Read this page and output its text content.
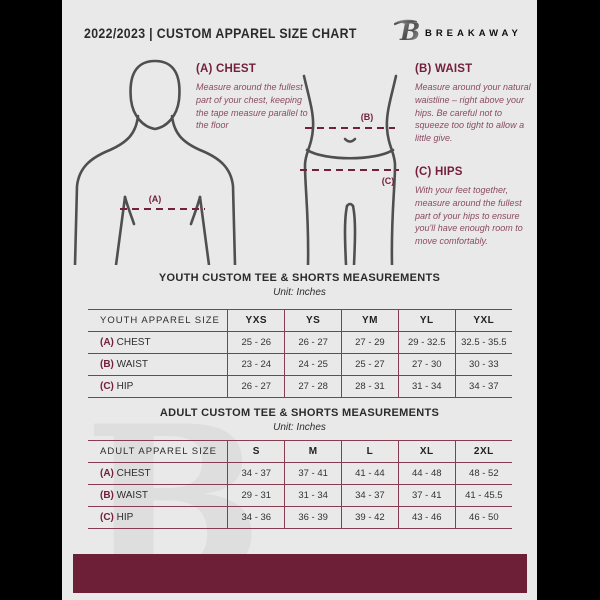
2022/2023 | CUSTOM APPAREL SIZE CHART B BREAKAWAY
(A)
(B)
(C)
(A) CHEST

Measure around the fullest part of your chest, keeping the tape measure parallel to the floor

(B) WAIST

Measure around your natural waistline – right above your hips. Be careful not to squeeze too tight to allow a little give.

(C) HIPS

With your feet together, measure around the fullest part of your hips to ensure you'll have enough room to move comfortably.

YOUTH CUSTOM TEE & SHORTS MEASUREMENTS
Unit: Inches
YOUTH APPAREL SIZE	YXS	YS	YM	YL	YXL
(A) CHEST	25 - 26	26 - 27	27 - 29	29 - 32.5	32.5 - 35.5
(B) WAIST	23 - 24	24 - 25	25 - 27	27 - 30	30 - 33
(C) HIP	26 - 27	27 - 28	28 - 31	31 - 34	34 - 37
ADULT CUSTOM TEE & SHORTS MEASUREMENTS
Unit: Inches
ADULT APPAREL SIZE	S	M	L	XL	2XL
(A) CHEST	34 - 37	37 - 41	41 - 44	44 - 48	48 - 52
(B) WAIST	29 - 31	31 - 34	34 - 37	37 - 41	41 - 45.5
(C) HIP	34 - 36	36 - 39	39 - 42	43 - 46	46 - 50
